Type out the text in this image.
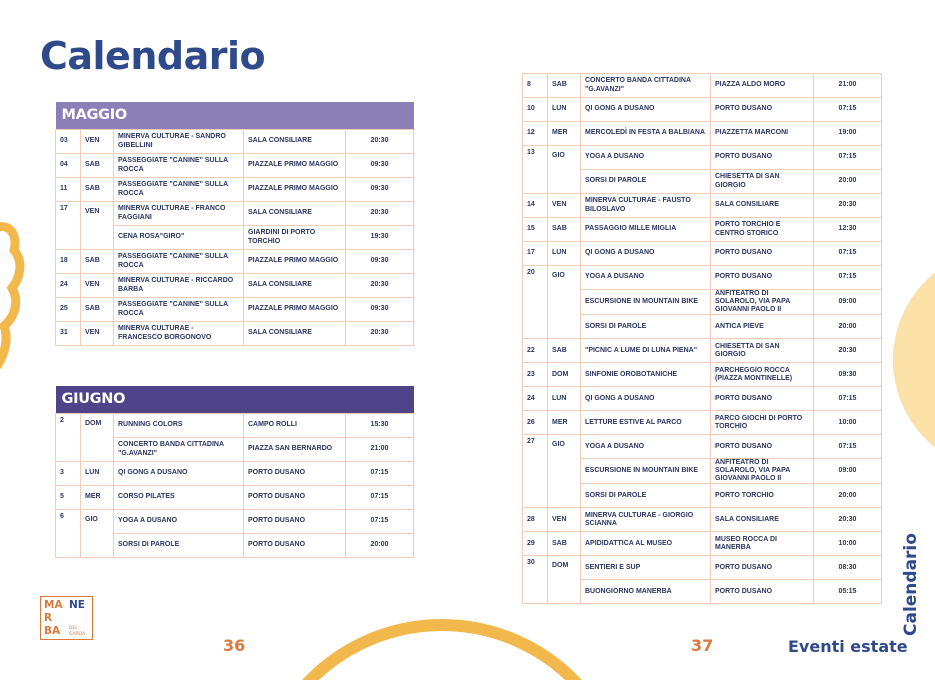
Calendario
MAGGIO				

03	VEN	MINERVA CULTURAE - SANDRO GIBELLINI	SALA CONSILIARE	20:30
04	SAB	PASSEGGIATE "CANINE" SULLA ROCCA	PIAZZALE PRIMO MAGGIO	09:30
11	SAB	PASSEGGIATE "CANINE" SULLA ROCCA	PIAZZALE PRIMO MAGGIO	09:30
17	VEN	MINERVA CULTURAE - FRANCO FAGGIANI	SALA CONSILIARE	20:30
		CENA ROSA"GIRO"	GIARDINI DI PORTO TORCHIO	19:30
18	SAB	PASSEGGIATE "CANINE" SULLA ROCCA	PIAZZALE PRIMO MAGGIO	09:30
24	VEN	MINERVA CULTURAE - RICCARDO BARBA	SALA CONSILIARE	20:30
25	SAB	PASSEGGIATE "CANINE" SULLA ROCCA	PIAZZALE PRIMO MAGGIO	09:30
31	VEN	MINERVA CULTURAE - FRANCESCO BORGONOVO	SALA CONSILIARE	20:30
GIUGNO				

2	DOM	RUNNING COLORS	CAMPO ROLLI	15:30
		CONCERTO BANDA CITTADINA "G.AVANZI"	PIAZZA SAN BERNARDO	21:00
3	LUN	QI GONG A DUSANO	PORTO DUSANO	07:15
5	MER	CORSO PILATES	PORTO DUSANO	07:15
6	GIO	YOGA A DUSANO	PORTO DUSANO	07:15
		SORSI DI PAROLE	PORTO DUSANO	20:00
8	SAB	CONCERTO BANDA CITTADINA "G.AVANZI"	PIAZZA ALDO MORO	21:00
10	LUN	QI GONG A DUSANO	PORTO DUSANO	07:15
12	MER	MERCOLEDÌ IN FESTA A BALBIANA	PIAZZETTA MARCONI	19:00
13	GIO	YOGA A DUSANO	PORTO DUSANO	07:15
		SORSI DI PAROLE	CHIESETTA DI SAN GIORGIO	20:00
14	VEN	MINERVA CULTURAE - FAUSTO BILOSLAVO	SALA CONSILIARE	20:30
15	SAB	PASSAGGIO MILLE MIGLIA	PORTO TORCHIO E CENTRO STORICO	12:30
17	LUN	QI GONG A DUSANO	PORTO DUSANO	07:15
20	GIO	YOGA A DUSANO	PORTO DUSANO	07:15
		ESCURSIONE IN MOUNTAIN BIKE	ANFITEATRO DI SOLAROLO, VIA PAPA GIOVANNI PAOLO II	09:00
		SORSI DI PAROLE	ANTICA PIEVE	20:00
22	SAB	"PICNIC A LUME DI LUNA PIENA"	CHIESETTA DI SAN GIORGIO	20:30
23	DOM	SINFONIE OROBOTANICHE	PARCHEGGIO ROCCA (PIAZZA MONTINELLE)	09:30
24	LUN	QI GONG A DUSANO	PORTO DUSANO	07:15
26	MER	LETTURE ESTIVE AL PARCO	PARCO GIOCHI DI PORTO TORCHIO	10:00
27	GIO	YOGA A DUSANO	PORTO DUSANO	07:15
		ESCURSIONE IN MOUNTAIN BIKE	ANFITEATRO DI SOLAROLO, VIA PAPA GIOVANNI PAOLO II	09:00
		SORSI DI PAROLE	PORTO TORCHIO	20:00
28	VEN	MINERVA CULTURAE - GIORGIO SCIANNA	SALA CONSILIARE	20:30
29	SAB	APIDIDATTICA AL MUSEO	MUSEO ROCCA DI MANERBA	10:00
30	DOM	SENTIERI E SUP	PORTO DUSANO	08:30
		BUONGIORNO MANERBA	PORTO DUSANO	05:15
MA NE
R
BA DEL
GARDA
36	37	Eventi estate
Calendario
